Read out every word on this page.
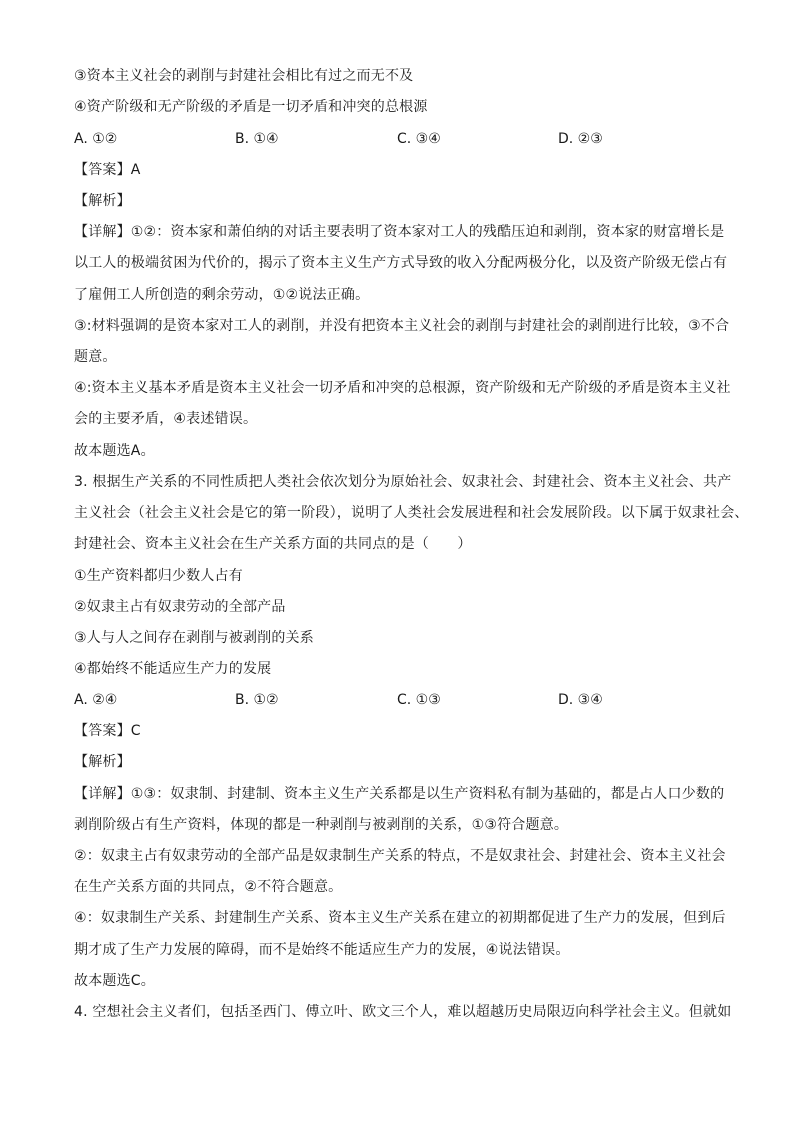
③资本主义社会的剥削与封建社会相比有过之而无不及
④资产阶级和无产阶级的矛盾是一切矛盾和冲突的总根源
A. ①②	B. ①④	C. ③④	D. ②③
【答案】A
【解析】
【详解】①②：资本家和萧伯纳的对话主要表明了资本家对工人的残酷压迫和剥削，资本家的财富增长是
以工人的极端贫困为代价的，揭示了资本主义生产方式导致的收入分配两极分化，以及资产阶级无偿占有
了雇佣工人所创造的剩余劳动，①②说法正确。
③:材料强调的是资本家对工人的剥削，并没有把资本主义社会的剥削与封建社会的剥削进行比较，③不合
题意。
④:资本主义基本矛盾是资本主义社会一切矛盾和冲突的总根源，资产阶级和无产阶级的矛盾是资本主义社
会的主要矛盾，④表述错误。
故本题选A。
3. 根据生产关系的不同性质把人类社会依次划分为原始社会、奴隶社会、封建社会、资本主义社会、共产
主义社会（社会主义社会是它的第一阶段），说明了人类社会发展进程和社会发展阶段。以下属于奴隶社会、
封建社会、资本主义社会在生产关系方面的共同点的是（　　）
①生产资料都归少数人占有
②奴隶主占有奴隶劳动的全部产品
③人与人之间存在剥削与被剥削的关系
④都始终不能适应生产力的发展
A. ②④	B. ①②	C. ①③	D. ③④
【答案】C
【解析】
【详解】①③：奴隶制、封建制、资本主义生产关系都是以生产资料私有制为基础的，都是占人口少数的
剥削阶级占有生产资料，体现的都是一种剥削与被剥削的关系，①③符合题意。
②：奴隶主占有奴隶劳动的全部产品是奴隶制生产关系的特点，不是奴隶社会、封建社会、资本主义社会
在生产关系方面的共同点，②不符合题意。
④：奴隶制生产关系、封建制生产关系、资本主义生产关系在建立的初期都促进了生产力的发展，但到后
期才成了生产力发展的障碍，而不是始终不能适应生产力的发展，④说法错误。
故本题选C。
4. 空想社会主义者们，包括圣西门、傅立叶、欧文三个人，难以超越历史局限迈向科学社会主义。但就如
